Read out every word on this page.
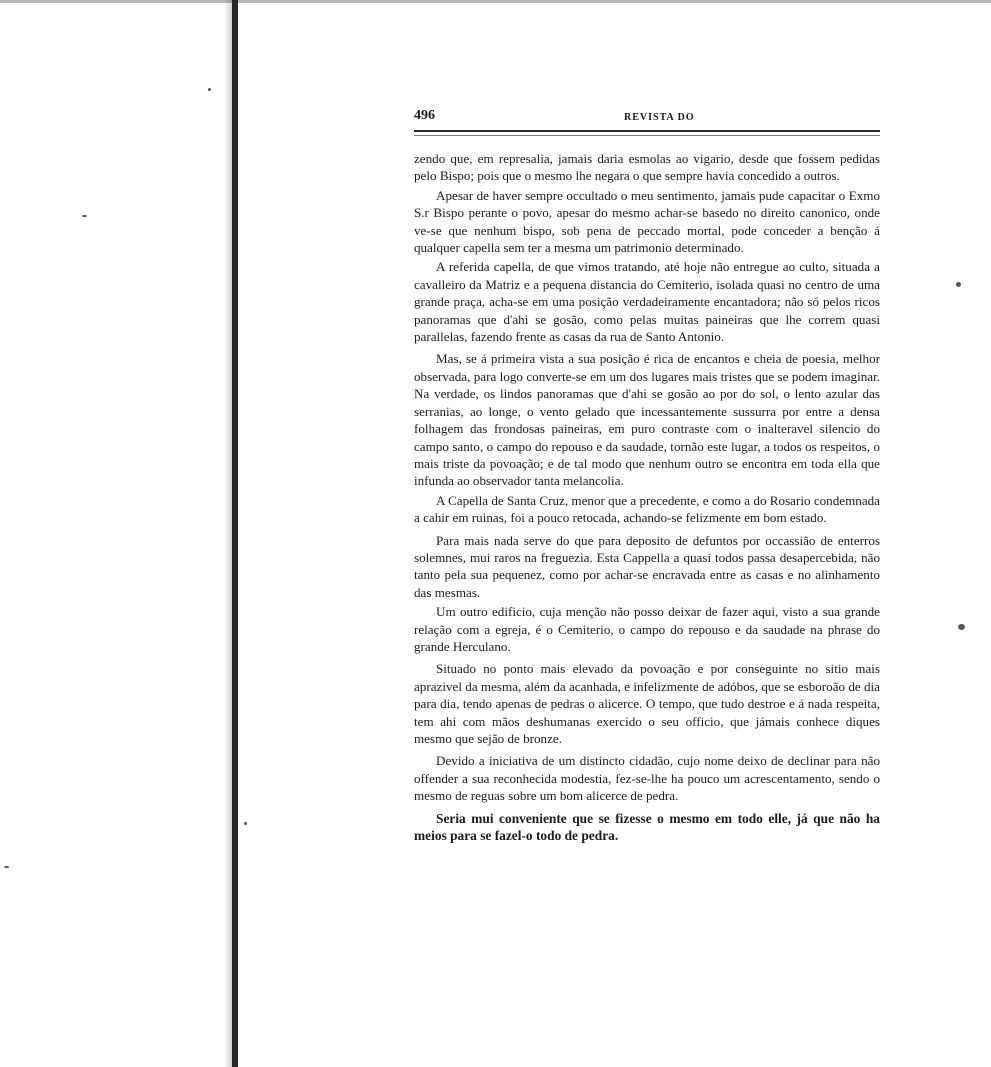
496	REVISTA DO

zendo que, em represalia, jamais daria esmolas ao vigario, desde que fossem pedidas pelo Bispo; pois que o mesmo lhe negara o que sempre havia concedido a outros.

Apesar de haver sempre occultado o meu sentimento, jamais pude capacitar o Exmo S.r Bispo perante o povo, apesar do mesmo achar-se basedo no direito canonico, onde ve-se que nenhum bispo, sob pena de peccado mortal, pode conceder a benção á qualquer capella sem ter a mesma um patrimonio determinado.

A referida capella, de que vimos tratando, até hoje não entregue ao culto, situada a cavalleiro da Matriz e a pequena distancia do Cemiterio, isolada quasi no centro de uma grande praça, acha-se em uma posição verdadeiramente encantadora; não só pelos ricos panoramas que d'ahi se gosão, como pelas muitas paineiras que lhe correm quasi parallelas, fazendo frente as casas da rua de Santo Antonio.

Mas, se á primeira vista a sua posição é rica de encantos e cheia de poesia, melhor observada, para logo converte-se em um dos lugares mais tristes que se podem imaginar. Na verdade, os lindos panoramas que d'ahi se gosão ao por do sol, o lento azular das serranias, ao longe, o vento gelado que incessantemente sussurra por entre a densa folhagem das frondosas paineiras, em puro contraste com o inalteravel silencio do campo santo, o campo do repouso e da saudade, tornão este lugar, a todos os respeitos, o mais triste da povoação; e de tal modo que nenhum outro se encontra em toda ella que infunda ao observador tanta melancolia.

A Capella de Santa Cruz, menor que a precedente, e como a do Rosario condemnada a cahir em ruinas, foi a pouco retocada, achando-se felizmente em bom estado.

Para mais nada serve do que para deposito de defuntos por occassião de enterros solemnes, mui raros na freguezia. Esta Cappella a quasi todos passa desapercebida, não tanto pela sua pequenez, como por achar-se encravada entre as casas e no alinhamento das mesmas.

Um outro edificio, cuja menção não posso deixar de fazer aqui, visto a sua grande relação com a egreja, é o Cemiterio, o campo do repouso e da saudade na phrase do grande Herculano.

Situado no ponto mais elevado da povoação e por conseguinte no sitio mais aprazivel da mesma, além da acanhada, e infelizmente de adóbos, que se esboroão de dia para dia, tendo apenas de pedras o alicerce. O tempo, que tudo destroe e á nada respeita, tem ahi com mãos deshumanas exercido o seu officio, que jámais conhece diques mesmo que sejão de bronze.

Devido a iniciativa de um distincto cidadão, cujo nome deixo de declinar para não offender a sua reconhecida modestia, fez-se-lhe ha pouco um acrescentamento, sendo o mesmo de reguas sobre um bom alicerce de pedra.

Seria mui conveniente que se fizesse o mesmo em todo elle, já que não ha meios para se fazel-o todo de pedra.
